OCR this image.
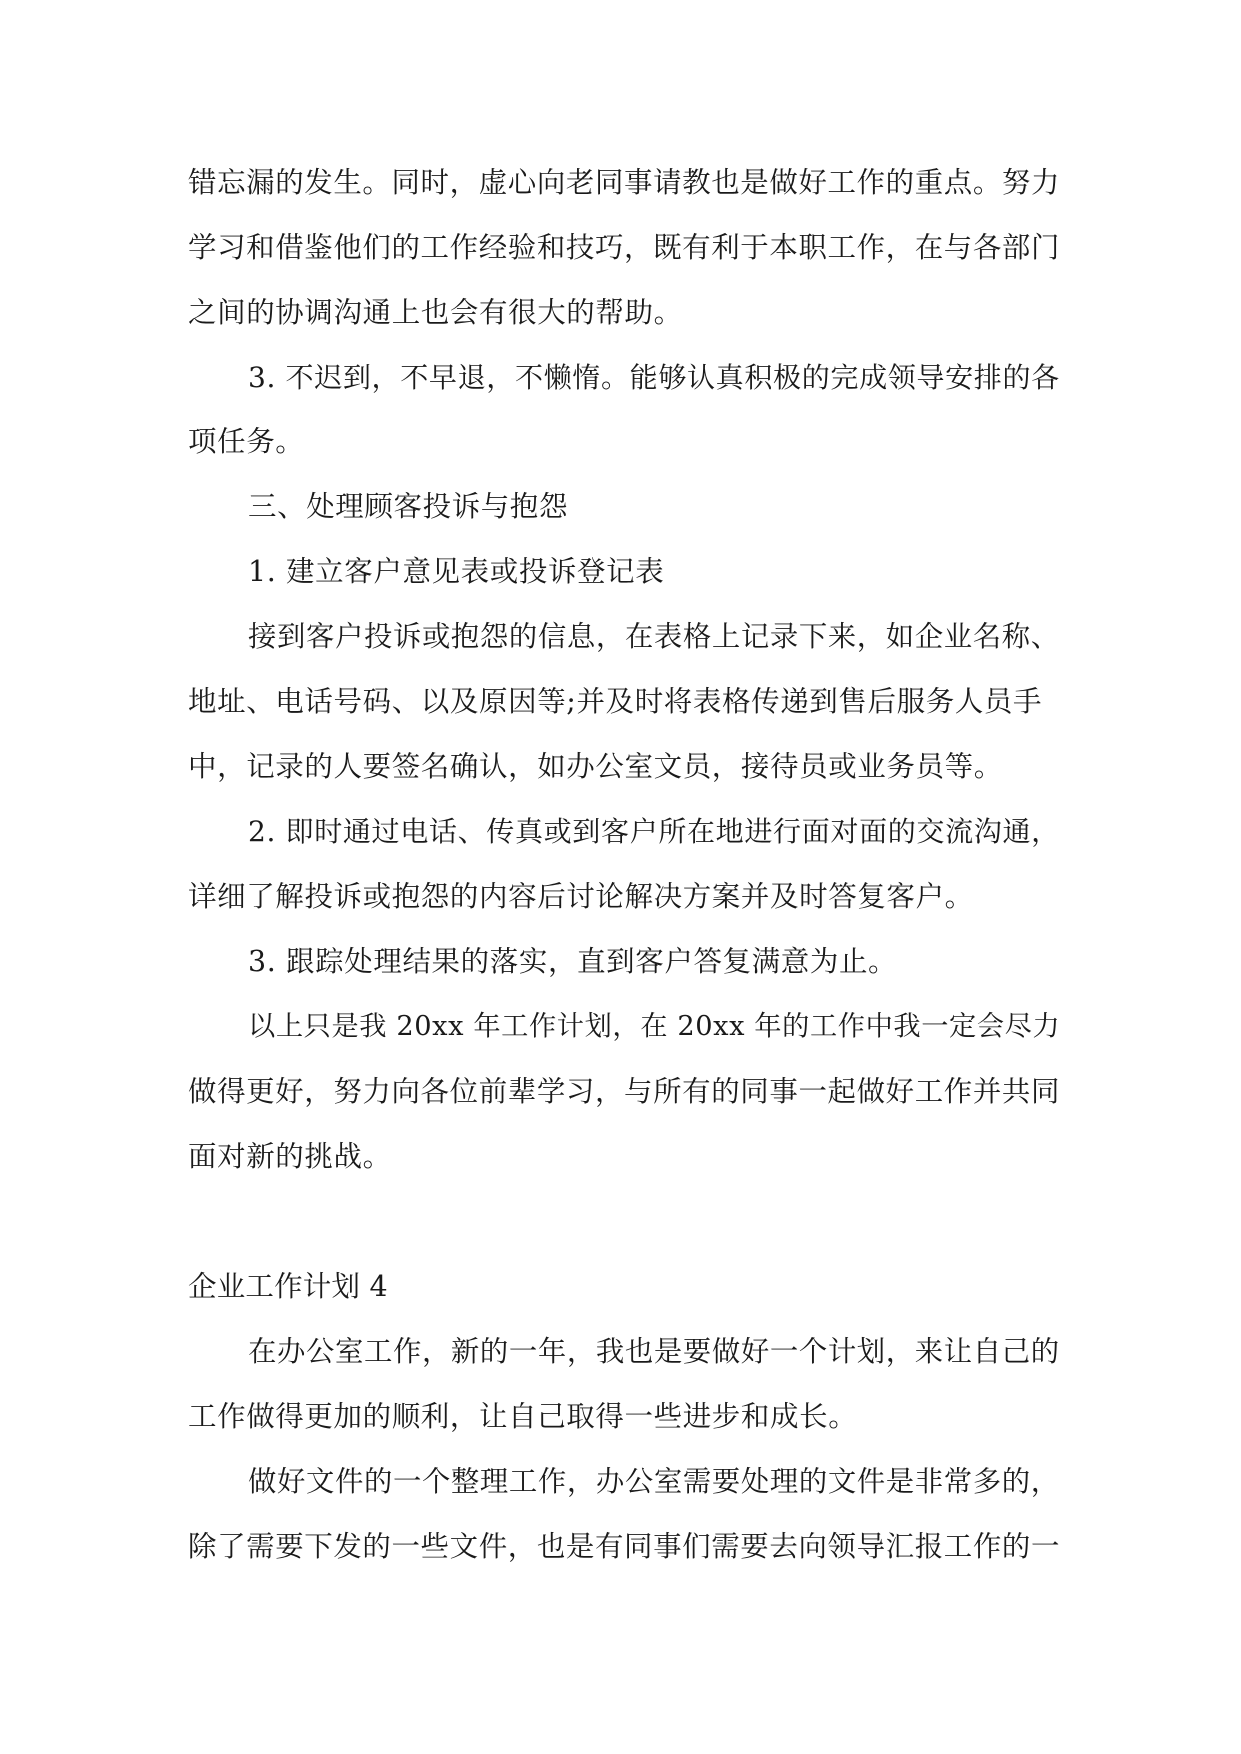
错忘漏的发生。同时，虚心向老同事请教也是做好工作的重点。努力

学习和借鉴他们的工作经验和技巧，既有利于本职工作，在与各部门

之间的协调沟通上也会有很大的帮助。

3. 不迟到，不早退，不懒惰。能够认真积极的完成领导安排的各

项任务。

三、处理顾客投诉与抱怨

1. 建立客户意见表或投诉登记表

接到客户投诉或抱怨的信息，在表格上记录下来，如企业名称、

地址、电话号码、以及原因等;并及时将表格传递到售后服务人员手

中，记录的人要签名确认，如办公室文员，接待员或业务员等。

2. 即时通过电话、传真或到客户所在地进行面对面的交流沟通，

详细了解投诉或抱怨的内容后讨论解决方案并及时答复客户。

3. 跟踪处理结果的落实，直到客户答复满意为止。

以上只是我 20xx 年工作计划，在 20xx 年的工作中我一定会尽力

做得更好，努力向各位前辈学习，与所有的同事一起做好工作并共同

面对新的挑战。

企业工作计划 4

在办公室工作，新的一年，我也是要做好一个计划，来让自己的

工作做得更加的顺利，让自己取得一些进步和成长。

做好文件的一个整理工作，办公室需要处理的文件是非常多的，

除了需要下发的一些文件，也是有同事们需要去向领导汇报工作的一
